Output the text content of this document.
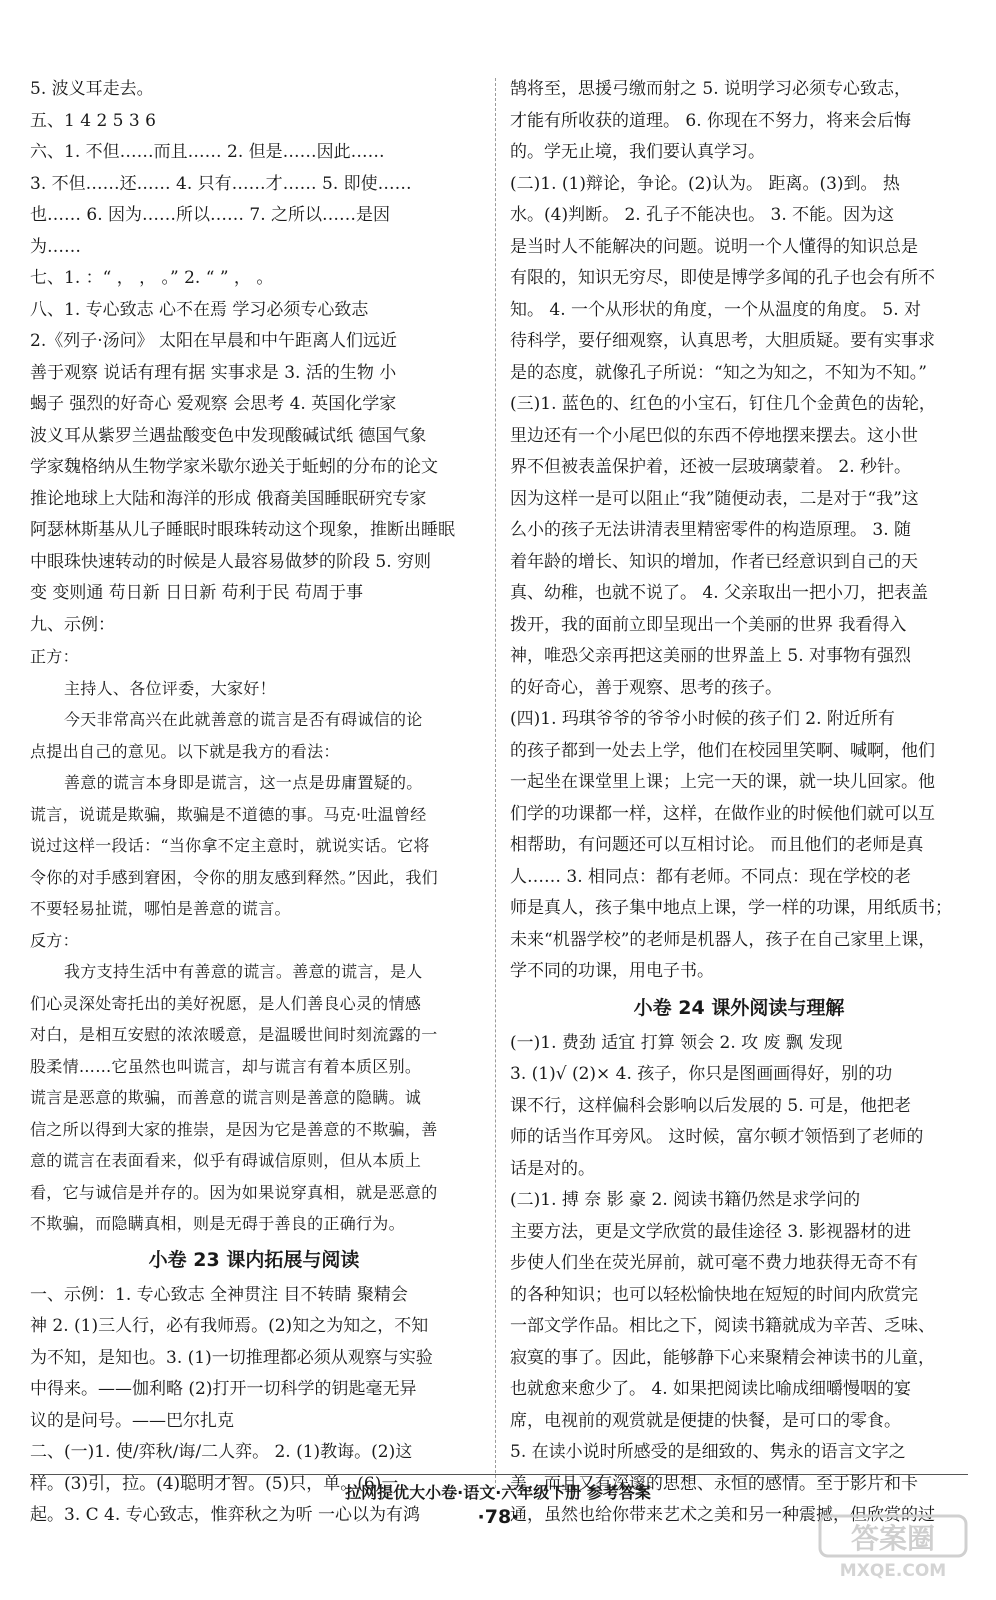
5. 波义耳走去。
五、1 4 2 5 3 6
六、1. 不但……而且…… 2. 但是……因此……
3. 不但……还…… 4. 只有……才…… 5. 即使……
也…… 6. 因为……所以…… 7. 之所以……是因
为……
七、1. ：“ ， ， 。” 2. “ ” ， 。
八、1. 专心致志 心不在焉 学习必须专心致志
2.《列子·汤问》 太阳在早晨和中午距离人们远近
善于观察 说话有理有据 实事求是 3. 活的生物 小
蝎子 强烈的好奇心 爱观察 会思考 4. 英国化学家
波义耳从紫罗兰遇盐酸变色中发现酸碱试纸 德国气象
学家魏格纳从生物学家米歇尔逊关于蚯蚓的分布的论文
推论地球上大陆和海洋的形成 俄裔美国睡眠研究专家
阿瑟林斯基从儿子睡眠时眼珠转动这个现象，推断出睡眠
中眼珠快速转动的时候是人最容易做梦的阶段 5. 穷则
变 变则通 苟日新 日日新 苟利于民 苟周于事
九、示例：
正方：
主持人、各位评委，大家好！
今天非常高兴在此就善意的谎言是否有碍诚信的论
点提出自己的意见。以下就是我方的看法：
善意的谎言本身即是谎言，这一点是毋庸置疑的。
谎言，说谎是欺骗，欺骗是不道德的事。马克·吐温曾经
说过这样一段话：“当你拿不定主意时，就说实话。它将
令你的对手感到窘困，令你的朋友感到释然。”因此，我们
不要轻易扯谎，哪怕是善意的谎言。
反方：
我方支持生活中有善意的谎言。善意的谎言，是人
们心灵深处寄托出的美好祝愿，是人们善良心灵的情感
对白，是相互安慰的浓浓暖意，是温暖世间时刻流露的一
股柔情……它虽然也叫谎言，却与谎言有着本质区别。
谎言是恶意的欺骗，而善意的谎言则是善意的隐瞒。诚
信之所以得到大家的推崇，是因为它是善意的不欺骗，善
意的谎言在表面看来，似乎有碍诚信原则，但从本质上
看，它与诚信是并存的。因为如果说穿真相，就是恶意的
不欺骗，而隐瞒真相，则是无碍于善良的正确行为。
小卷 23 课内拓展与阅读
一、示例：1. 专心致志 全神贯注 目不转睛 聚精会
神 2. (1)三人行，必有我师焉。(2)知之为知之，不知
为不知，是知也。3. (1)一切推理都必须从观察与实验
中得来。——伽利略 (2)打开一切科学的钥匙毫无异
议的是问号。——巴尔扎克
二、(一)1. 使/弈秋/诲/二人弈。 2. (1)教诲。(2)这
样。(3)引，拉。(4)聪明才智。(5)只，单。(6)一
起。3. C 4. 专心致志，惟弈秋之为听 一心以为有鸿
鹄将至，思援弓缴而射之 5. 说明学习必须专心致志，
才能有所收获的道理。 6. 你现在不努力，将来会后悔
的。学无止境，我们要认真学习。
(二)1. (1)辩论，争论。(2)认为。 距离。(3)到。 热
水。(4)判断。 2. 孔子不能决也。 3. 不能。因为这
是当时人不能解决的问题。说明一个人懂得的知识总是
有限的，知识无穷尽，即使是博学多闻的孔子也会有所不
知。 4. 一个从形状的角度，一个从温度的角度。 5. 对
待科学，要仔细观察，认真思考，大胆质疑。要有实事求
是的态度，就像孔子所说：“知之为知之，不知为不知。”
(三)1. 蓝色的、红色的小宝石，钉住几个金黄色的齿轮，
里边还有一个小尾巴似的东西不停地摆来摆去。这小世
界不但被表盖保护着，还被一层玻璃蒙着。 2. 秒针。
因为这样一是可以阻止“我”随便动表，二是对于“我”这
么小的孩子无法讲清表里精密零件的构造原理。 3. 随
着年龄的增长、知识的增加，作者已经意识到自己的天
真、幼稚，也就不说了。 4. 父亲取出一把小刀，把表盖
拨开，我的面前立即呈现出一个美丽的世界 我看得入
神，唯恐父亲再把这美丽的世界盖上 5. 对事物有强烈
的好奇心，善于观察、思考的孩子。
(四)1. 玛琪爷爷的爷爷小时候的孩子们 2. 附近所有
的孩子都到一处去上学，他们在校园里笑啊、喊啊，他们
一起坐在课堂里上课；上完一天的课，就一块儿回家。他
们学的功课都一样，这样，在做作业的时候他们就可以互
相帮助，有问题还可以互相讨论。 而且他们的老师是真
人…… 3. 相同点：都有老师。不同点：现在学校的老
师是真人，孩子集中地点上课，学一样的功课，用纸质书；
未来“机器学校”的老师是机器人，孩子在自己家里上课，
学不同的功课，用电子书。
小卷 24 课外阅读与理解
(一)1. 费劲 适宜 打算 领会 2. 攻 废 飘 发现
3. (1)√ (2)× 4. 孩子，你只是图画画得好，别的功
课不行，这样偏科会影响以后发展的 5. 可是，他把老
师的话当作耳旁风。 这时候，富尔顿才领悟到了老师的
话是对的。
(二)1. 搏 奈 影 豪 2. 阅读书籍仍然是求学问的
主要方法，更是文学欣赏的最佳途径 3. 影视器材的进
步使人们坐在荧光屏前，就可毫不费力地获得无奇不有
的各种知识；也可以轻松愉快地在短短的时间内欣赏完
一部文学作品。相比之下，阅读书籍就成为辛苦、乏味、
寂寞的事了。因此，能够静下心来聚精会神读书的儿童，
也就愈来愈少了。 4. 如果把阅读比喻成细嚼慢咽的宴
席，电视前的观赏就是便捷的快餐，是可口的零食。
5. 在读小说时所感受的是细致的、隽永的语言文字之
美，而且又有深邃的思想、永恒的感情。至于影片和卡
通，虽然也给你带来艺术之美和另一种震撼，但欣赏的过
拉网提优大小卷·语文·六年级下册 参考答案
·78·
答案圈
MXQE.COM
